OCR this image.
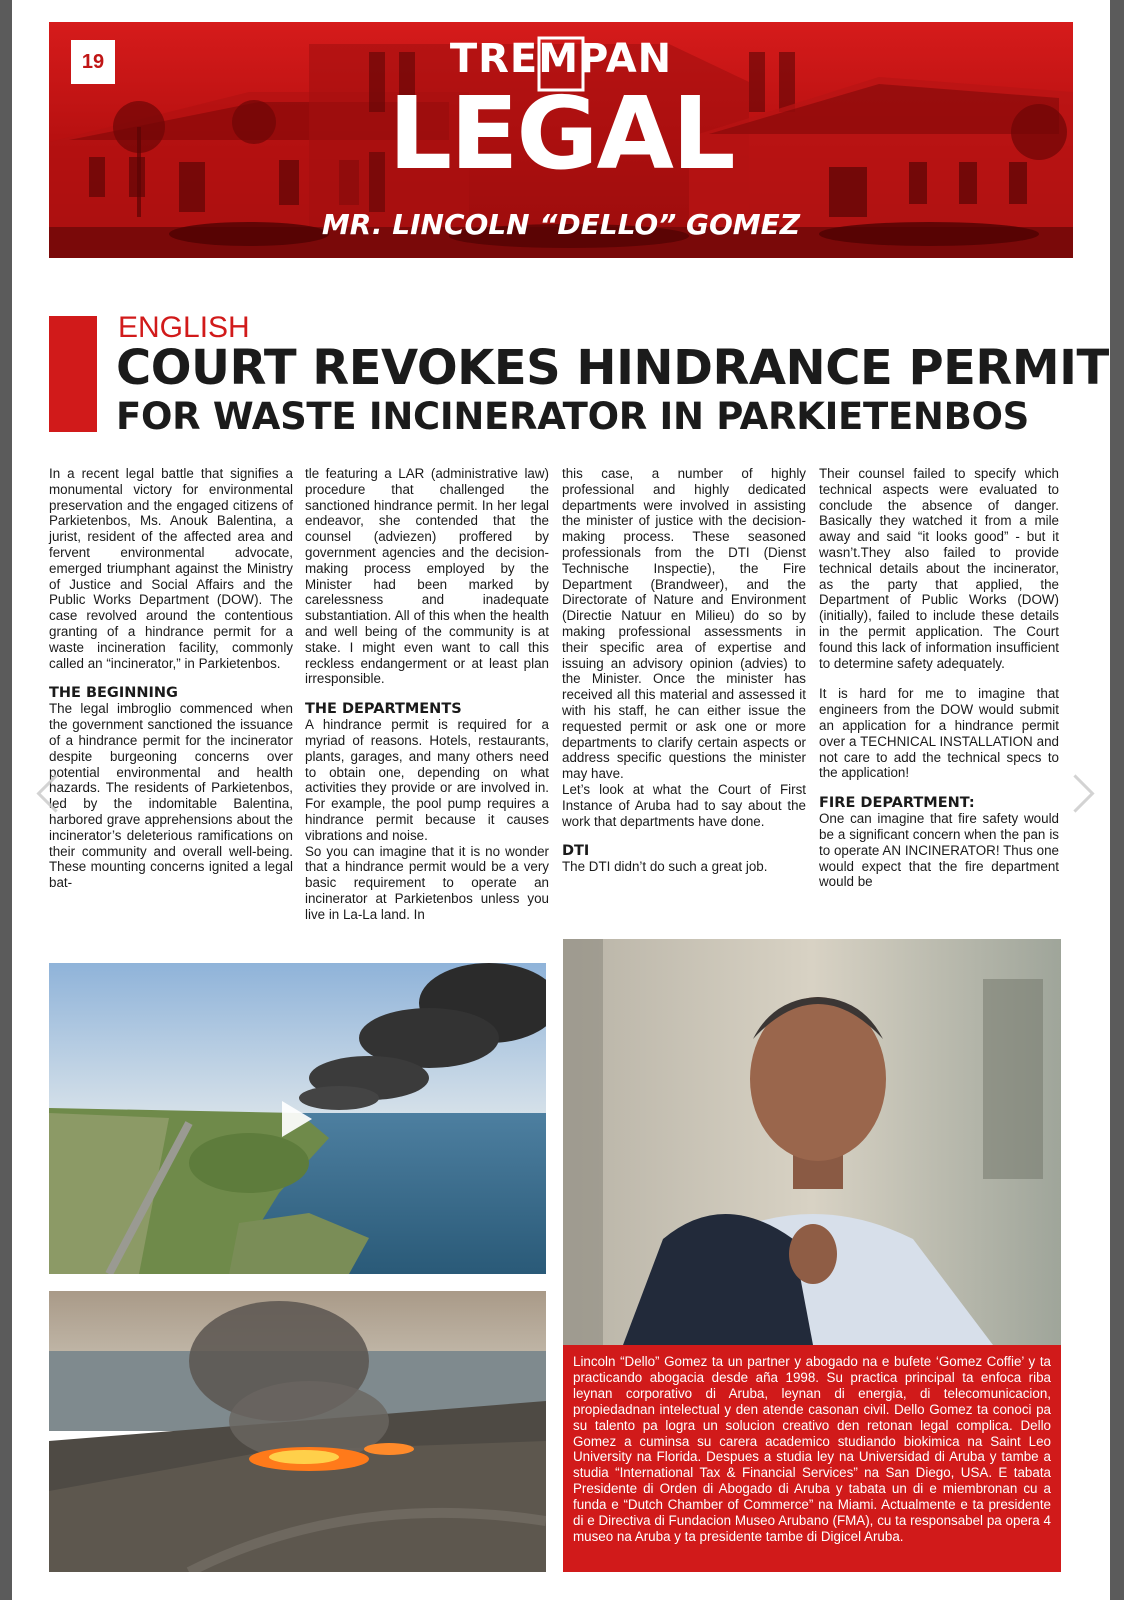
19	TREMPAN
LEGAL
MR. LINCOLN “DELLO” GOMEZ
ENGLISH
COURT REVOKES HINDRANCE PERMIT
FOR WASTE INCINERATOR IN PARKIETENBOS

In a recent legal battle that signifies a monumental victory for environmental preservation and the engaged citizens of Parkietenbos, Ms. Anouk Balentina, a jurist, resident of the affected area and fervent environmental advocate, emerged triumphant against the Ministry of Justice and Social Affairs and the Public Works Department (DOW). The case revolved around the contentious granting of a hindrance permit for a waste incineration facility, commonly called an “incinerator,” in Parkietenbos.

THE BEGINNING

The legal imbroglio commenced when the government sanctioned the issuance of a hindrance permit for the incinerator despite burgeoning concerns over potential environmental and health hazards. The residents of Parkietenbos, led by the indomitable Balentina, harbored grave apprehensions about the incinerator’s deleterious ramifications on their community and overall well-being. These mounting concerns ignited a legal bat-

tle featuring a LAR (administrative law) procedure that challenged the sanctioned hindrance permit. In her legal endeavor, she contended that the counsel (adviezen) proffered by government agencies and the decision-making process employed by the Minister had been marked by carelessness and inadequate substantiation. All of this when the health and well being of the community is at stake. I might even want to call this reckless endangerment or at least plan irresponsible.

THE DEPARTMENTS

A hindrance permit is required for a myriad of reasons. Hotels, restaurants, plants, garages, and many others need to obtain one, depending on what activities they provide or are involved in. For example, the pool pump requires a hindrance permit because it causes vibrations and noise.

So you can imagine that it is no wonder that a hindrance permit would be a very basic requirement to operate an incinerator at Parkietenbos unless you live in La-La land. In

this case, a number of highly professional and highly dedicated departments were involved in assisting the minister of justice with the decision-making process. These seasoned professionals from the DTI (Dienst Technische Inspectie), the Fire Department (Brandweer), and the Directorate of Nature and Environment (Directie Natuur en Milieu) do so by making professional assessments in their specific area of expertise and issuing an advisory opinion (advies) to the Minister. Once the minister has received all this material and assessed it with his staff, he can either issue the requested permit or ask one or more departments to clarify certain aspects or address specific questions the minister may have.

Let’s look at what the Court of First Instance of Aruba had to say about the work that departments have done.

DTI

The DTI didn’t do such a great job.

Their counsel failed to specify which technical aspects were evaluated to conclude the absence of danger. Basically they watched it from a mile away and said “it looks good” - but it wasn’t.They also failed to provide technical details about the incinerator, as the party that applied, the Department of Public Works (DOW) (initially), failed to include these details in the permit application. The Court found this lack of information insufficient to determine safety adequately.

It is hard for me to imagine that engineers from the DOW would submit an application for a hindrance permit over a TECHNICAL INSTALLATION and not care to add the technical specs to the application!

FIRE DEPARTMENT:

One can imagine that fire safety would be a significant concern when the pan is to operate AN INCINERATOR! Thus one would expect that the fire department would be

Lincoln “Dello” Gomez ta un partner y abogado na e bufete ‘Gomez Coffie’ y ta practicando abogacia desde aña 1998. Su practica principal ta enfoca riba leynan corporativo di Aruba, leynan di energia, di telecomunicacion, propiedadnan intelectual y den atende casonan civil. Dello Gomez ta conoci pa su talento pa logra un solucion creativo den retonan legal complica. Dello Gomez a cuminsa su carera academico studiando biokimica na Saint Leo University na Florida. Despues a studia ley na Universidad di Aruba y tambe a studia “International Tax & Financial Services” na San Diego, USA. E tabata Presidente di Orden di Abogado di Aruba y tabata un di e miembronan cu a funda e “Dutch Chamber of Commerce” na Miami. Actualmente e ta presidente di e Directiva di Fundacion Museo Arubano (FMA), cu ta responsabel pa opera 4 museo na Aruba y ta presidente tambe di Digicel Aruba.
